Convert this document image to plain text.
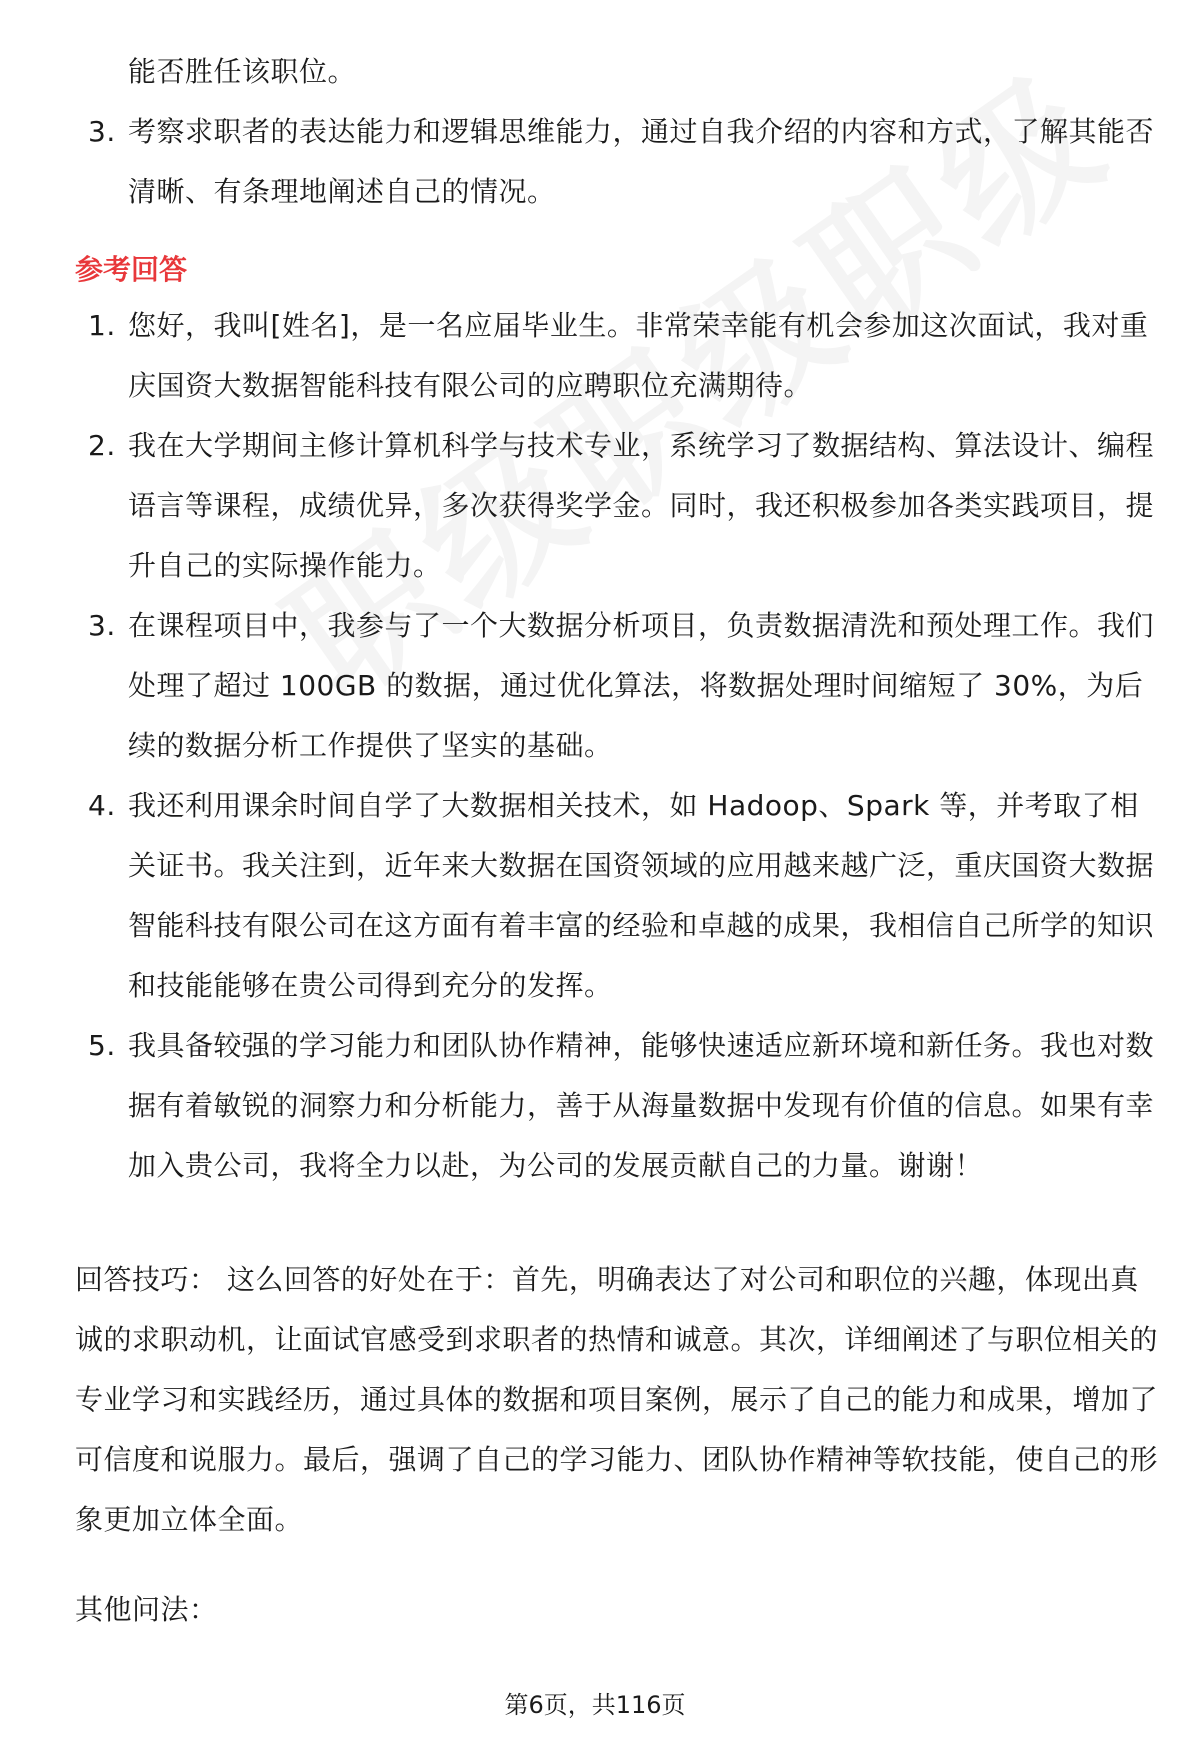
能否胜任该职位。
3. 考察求职者的表达能力和逻辑思维能力，通过自我介绍的内容和方式，了解其能否清晰、有条理地阐述自己的情况。
参考回答
1. 您好，我叫[姓名]，是一名应届毕业生。非常荣幸能有机会参加这次面试，我对重庆国资大数据智能科技有限公司的应聘职位充满期待。
2. 我在大学期间主修计算机科学与技术专业，系统学习了数据结构、算法设计、编程语言等课程，成绩优异，多次获得奖学金。同时，我还积极参加各类实践项目，提升自己的实际操作能力。
3. 在课程项目中，我参与了一个大数据分析项目，负责数据清洗和预处理工作。我们处理了超过 100GB 的数据，通过优化算法，将数据处理时间缩短了 30%，为后续的数据分析工作提供了坚实的基础。
4. 我还利用课余时间自学了大数据相关技术，如 Hadoop、Spark 等，并考取了相关证书。我关注到，近年来大数据在国资领域的应用越来越广泛，重庆国资大数据智能科技有限公司在这方面有着丰富的经验和卓越的成果，我相信自己所学的知识和技能能够在贵公司得到充分的发挥。
5. 我具备较强的学习能力和团队协作精神，能够快速适应新环境和新任务。我也对数据有着敏锐的洞察力和分析能力，善于从海量数据中发现有价值的信息。如果有幸加入贵公司，我将全力以赴，为公司的发展贡献自己的力量。谢谢！

回答技巧： 这么回答的好处在于：首先，明确表达了对公司和职位的兴趣，体现出真诚的求职动机，让面试官感受到求职者的热情和诚意。其次，详细阐述了与职位相关的专业学习和实践经历，通过具体的数据和项目案例，展示了自己的能力和成果，增加了可信度和说服力。最后，强调了自己的学习能力、团队协作精神等软技能，使自己的形象更加立体全面。

其他问法：

第6页，共116页
